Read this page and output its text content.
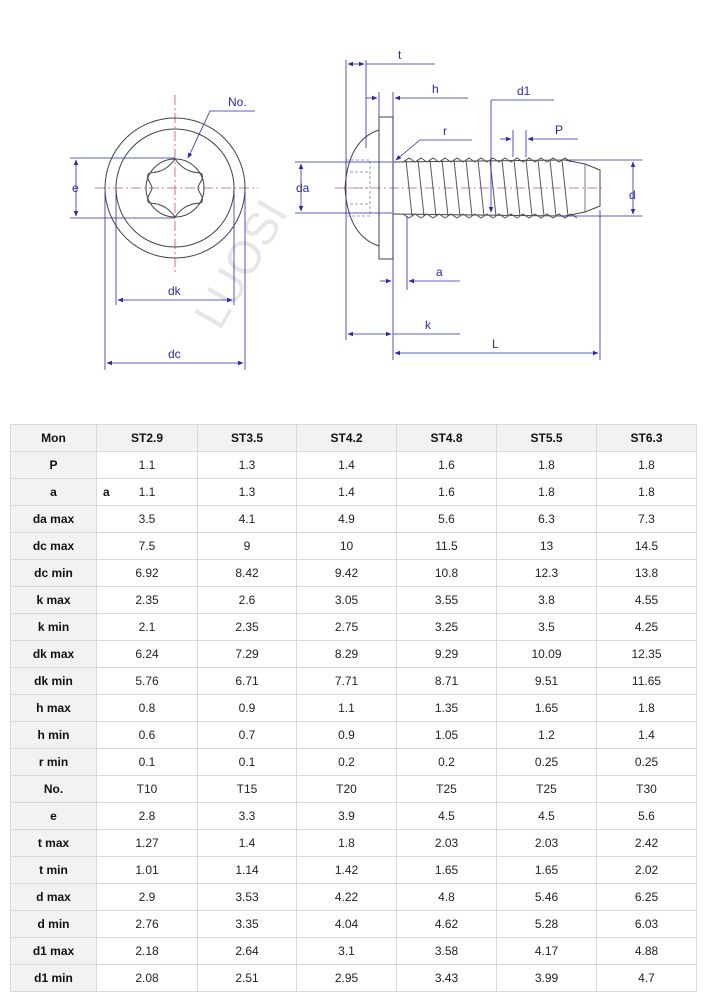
LUOSI
No.
e
dk
dc
t
h	d1
r	P
da	d
a
k
L
Mon	ST2.9	ST3.5	ST4.2	ST4.8	ST5.5	ST6.3
P	1.1	1.3	1.4	1.6	1.8	1.8
a	a 1.1	1.3	1.4	1.6	1.8	1.8
da max	3.5	4.1	4.9	5.6	6.3	7.3
dc max	7.5	9	10	11.5	13	14.5
dc min	6.92	8.42	9.42	10.8	12.3	13.8
k max	2.35	2.6	3.05	3.55	3.8	4.55
k min	2.1	2.35	2.75	3.25	3.5	4.25
dk max	6.24	7.29	8.29	9.29	10.09	12.35
dk min	5.76	6.71	7.71	8.71	9.51	11.65
h max	0.8	0.9	1.1	1.35	1.65	1.8
h min	0.6	0.7	0.9	1.05	1.2	1.4
r min	0.1	0.1	0.2	0.2	0.25	0.25
No.	T10	T15	T20	T25	T25	T30
e	2.8	3.3	3.9	4.5	4.5	5.6
t max	1.27	1.4	1.8	2.03	2.03	2.42
t min	1.01	1.14	1.42	1.65	1.65	2.02
d max	2.9	3.53	4.22	4.8	5.46	6.25
d min	2.76	3.35	4.04	4.62	5.28	6.03
d1 max	2.18	2.64	3.1	3.58	4.17	4.88
d1 min	2.08	2.51	2.95	3.43	3.99	4.7
